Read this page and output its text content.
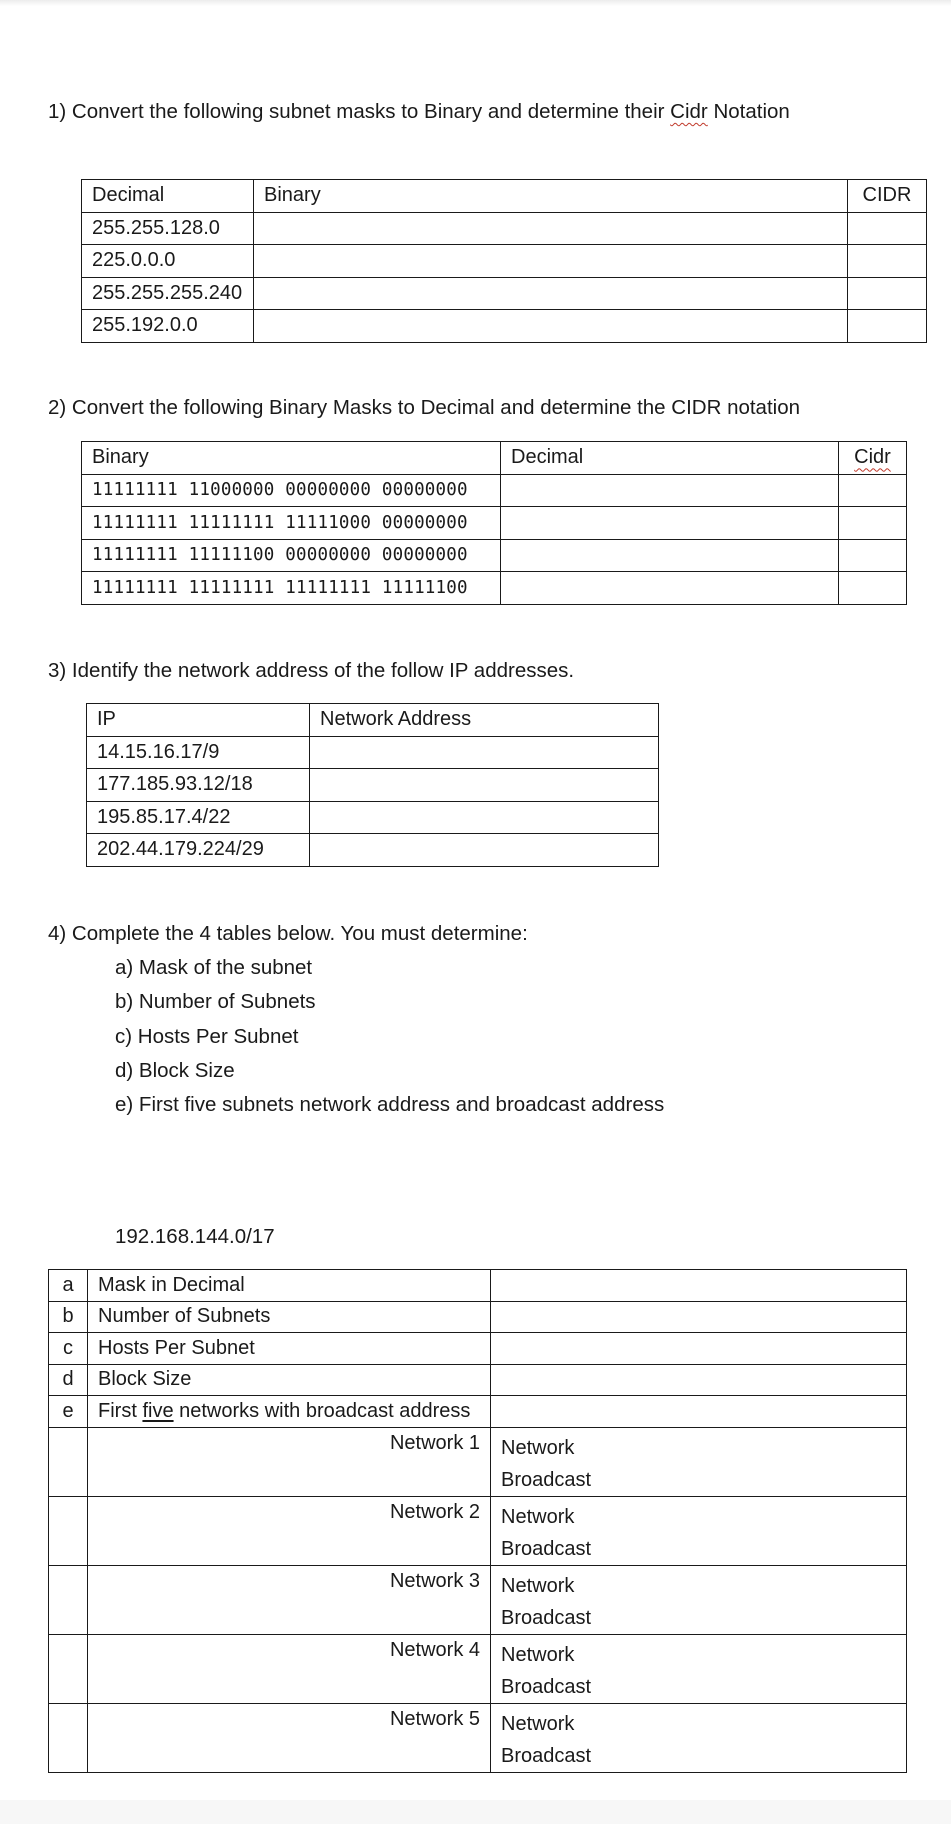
1) Convert the following subnet masks to Binary and determine their Cidr Notation
Decimal	Binary	CIDR
255.255.128.0		
225.0.0.0		
255.255.255.240		
255.192.0.0		
2) Convert the following Binary Masks to Decimal and determine the CIDR notation
Binary	Decimal	Cidr
11111111 11000000 00000000 00000000		
11111111 11111111 11111000 00000000		
11111111 11111100 00000000 00000000		
11111111 11111111 11111111 11111100		
3) Identify the network address of the follow IP addresses.
IP	Network Address
14.15.16.17/9	
177.185.93.12/18	
195.85.17.4/22	
202.44.179.224/29	
4) Complete the 4 tables below. You must determine:
a) Mask of the subnet
b) Number of Subnets
c) Hosts Per Subnet
d) Block Size
e) First five subnets network address and broadcast address
192.168.144.0/17
a	Mask in Decimal	
b	Number of Subnets	
c	Hosts Per Subnet	
d	Block Size	
e	First five networks with broadcast address	
	Network 1	Network
Broadcast
	Network 2	Network
Broadcast
	Network 3	Network
Broadcast
	Network 4	Network
Broadcast
	Network 5	Network
Broadcast
